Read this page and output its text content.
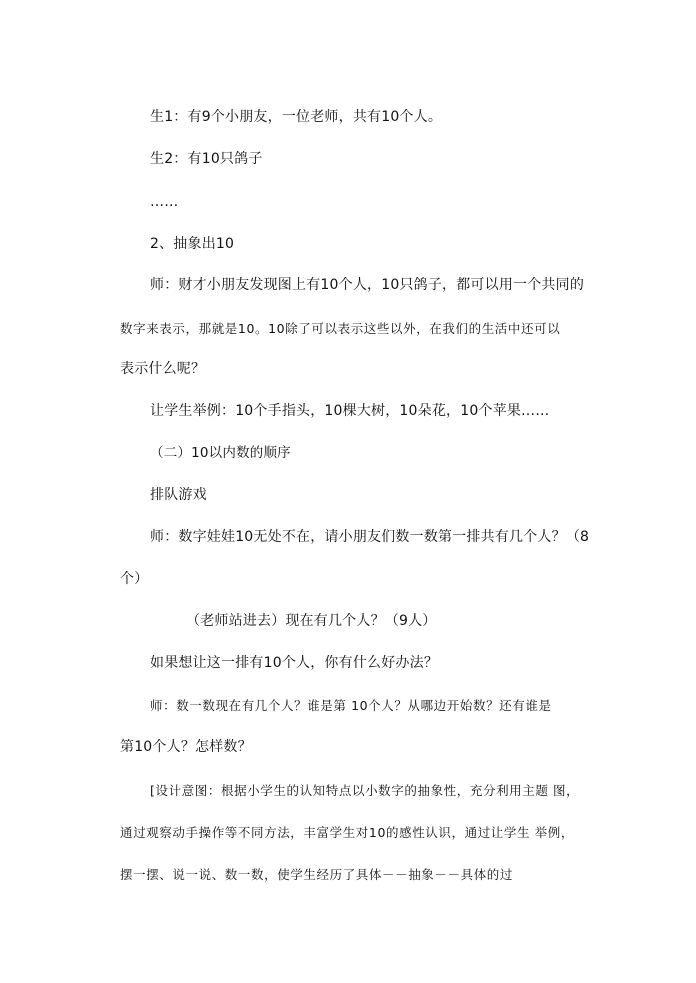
生1：有9个小朋友，一位老师，共有10个人。
生2：有10只鸽子
……
2、抽象出10
师：财才小朋友发现图上有10个人，10只鸽子，都可以用一个共同的
数字来表示，那就是10。10除了可以表示这些以外，在我们的生活中还可以
表示什么呢？
让学生举例：10个手指头，10棵大树，10朵花，10个苹果……
（二）10以内数的顺序
排队游戏
师：数字娃娃10无处不在，请小朋友们数一数第一排共有几个人？（8
个）
（老师站进去）现在有几个人？（9人）
如果想让这一排有10个人，你有什么好办法？
师：数一数现在有几个人？谁是第 10个人？从哪边开始数？还有谁是
第10个人？怎样数？
[设计意图：根据小学生的认知特点以小数字的抽象性，充分利用主题 图，
通过观察动手操作等不同方法，丰富学生对10的感性认识，通过让学生 举例，
摆一摆、说一说、数一数，使学生经历了具体－－抽象－－具体的过
